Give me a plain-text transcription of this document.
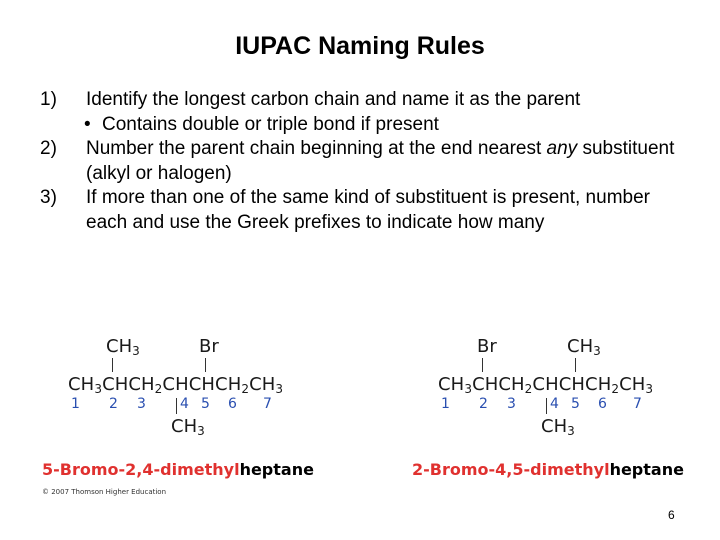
IUPAC Naming Rules
1) Identify the longest carbon chain and name it as the parent
• Contains double or triple bond if present
2) Number the parent chain beginning at the end nearest any substituent (alkyl or halogen)
3) If more than one of the same kind of substituent is present, number each and use the Greek prefixes to indicate how many
$CH_3$	Br
$CH_3CHCH_2CHCHCH_2CH_3$
1 2 3 4 5 6 7
$CH_3$
Br	$CH_3$
$CH_3CHCH_2CHCHCH_2CH_3$
1 2 3 4 5 6 7
$CH_3$
5-Bromo-2,4-dimethylheptane	2-Bromo-4,5-dimethylheptane
© 2007 Thomson Higher Education
6
